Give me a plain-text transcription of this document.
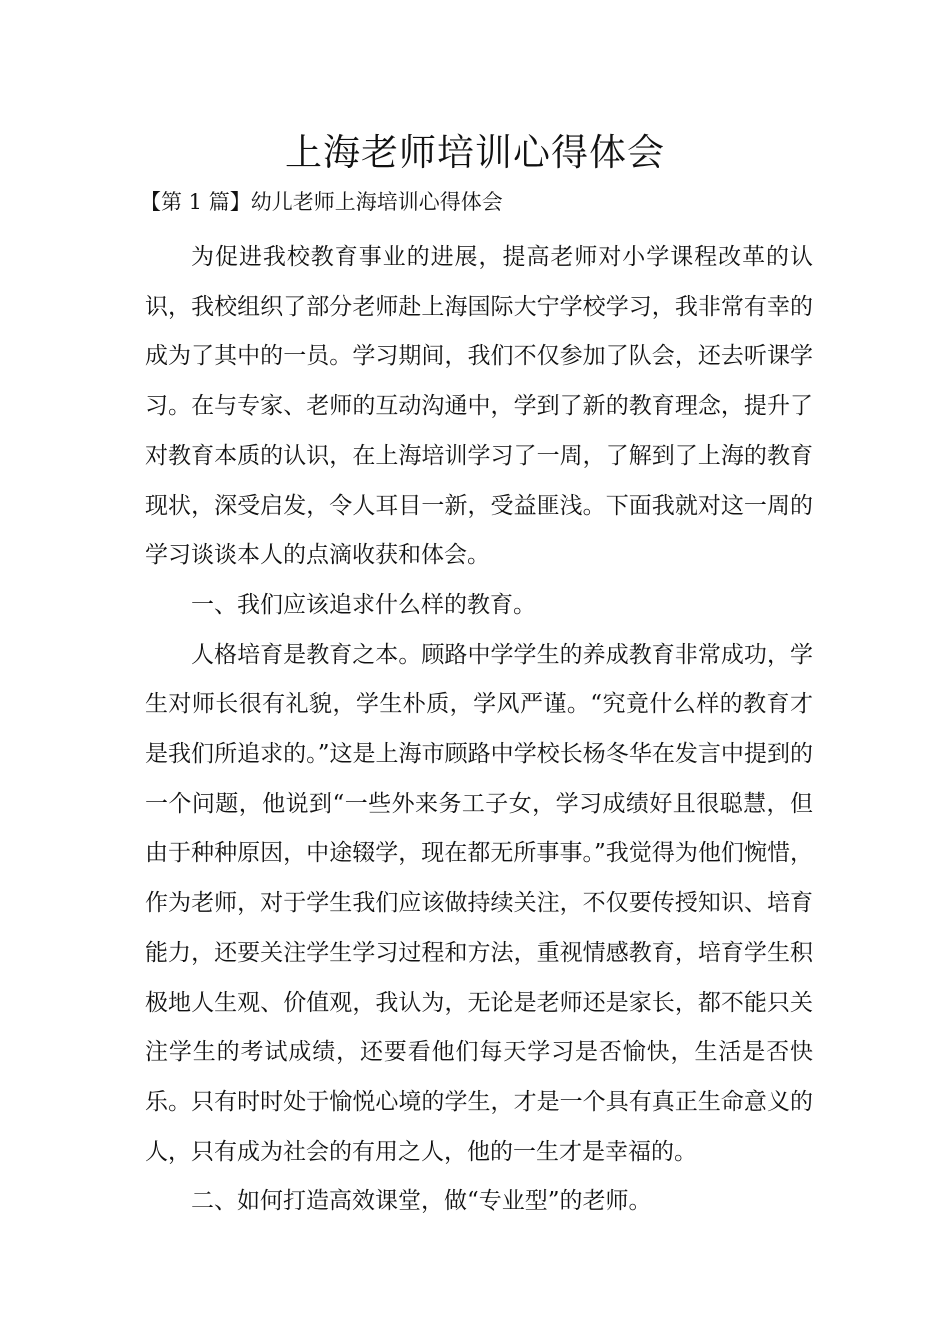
上海老师培训心得体会

【第 1 篇】幼儿老师上海培训心得体会

为促进我校教育事业的进展，提高老师对小学课程改革的认识，我校组织了部分老师赴上海国际大宁学校学习，我非常有幸的成为了其中的一员。学习期间，我们不仅参加了队会，还去听课学习。在与专家、老师的互动沟通中，学到了新的教育理念，提升了对教育本质的认识，在上海培训学习了一周，了解到了上海的教育现状，深受启发，令人耳目一新，受益匪浅。下面我就对这一周的学习谈谈本人的点滴收获和体会。

一、我们应该追求什么样的教育。

人格培育是教育之本。顾路中学学生的养成教育非常成功，学生对师长很有礼貌，学生朴质，学风严谨。“究竟什么样的教育才是我们所追求的。”这是上海市顾路中学校长杨冬华在发言中提到的一个问题，他说到“一些外来务工子女，学习成绩好且很聪慧，但由于种种原因，中途辍学，现在都无所事事。”我觉得为他们惋惜，作为老师，对于学生我们应该做持续关注，不仅要传授知识、培育能力，还要关注学生学习过程和方法，重视情感教育，培育学生积极地人生观、价值观，我认为，无论是老师还是家长，都不能只关注学生的考试成绩，还要看他们每天学习是否愉快，生活是否快乐。只有时时处于愉悦心境的学生，才是一个具有真正生命意义的人，只有成为社会的有用之人，他的一生才是幸福的。

二、如何打造高效课堂，做“专业型”的老师。
